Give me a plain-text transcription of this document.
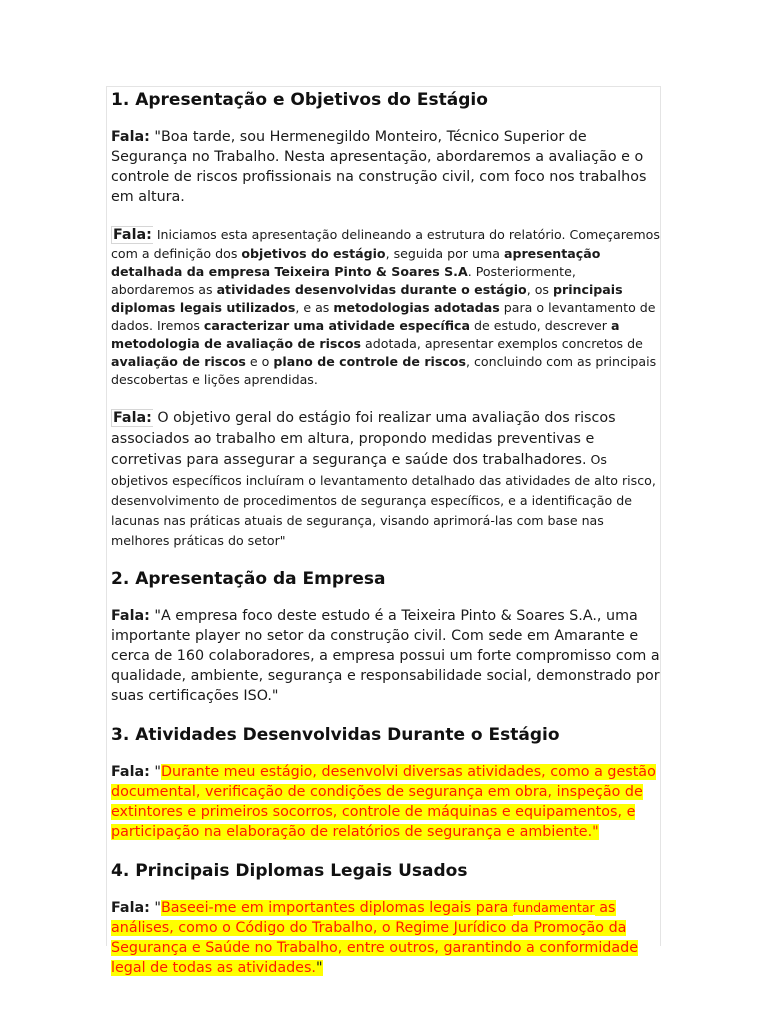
1. Apresentação e Objetivos do Estágio

Fala: "Boa tarde, sou Hermenegildo Monteiro, Técnico Superior de Segurança no Trabalho. Nesta apresentação, abordaremos a avaliação e o controle de riscos profissionais na construção civil, com foco nos trabalhos em altura.

Fala: Iniciamos esta apresentação delineando a estrutura do relatório. Começaremos com a definição dos objetivos do estágio, seguida por uma apresentação detalhada da empresa Teixeira Pinto & Soares S.A. Posteriormente, abordaremos as atividades desenvolvidas durante o estágio, os principais diplomas legais utilizados, e as metodologias adotadas para o levantamento de dados. Iremos caracterizar uma atividade específica de estudo, descrever a metodologia de avaliação de riscos adotada, apresentar exemplos concretos de avaliação de riscos e o plano de controle de riscos, concluindo com as principais descobertas e lições aprendidas.

Fala: O objetivo geral do estágio foi realizar uma avaliação dos riscos associados ao trabalho em altura, propondo medidas preventivas e corretivas para assegurar a segurança e saúde dos trabalhadores. Os objetivos específicos incluíram o levantamento detalhado das atividades de alto risco, desenvolvimento de procedimentos de segurança específicos, e a identificação de lacunas nas práticas atuais de segurança, visando aprimorá-las com base nas melhores práticas do setor"

2. Apresentação da Empresa

Fala: "A empresa foco deste estudo é a Teixeira Pinto & Soares S.A., uma importante player no setor da construção civil. Com sede em Amarante e cerca de 160 colaboradores, a empresa possui um forte compromisso com a qualidade, ambiente, segurança e responsabilidade social, demonstrado por suas certificações ISO."

3. Atividades Desenvolvidas Durante o Estágio

Fala: "Durante meu estágio, desenvolvi diversas atividades, como a gestão documental, verificação de condições de segurança em obra, inspeção de extintores e primeiros socorros, controle de máquinas e equipamentos, e participação na elaboração de relatórios de segurança e ambiente."

4. Principais Diplomas Legais Usados

Fala: "Baseei-me em importantes diplomas legais para fundamentar as análises, como o Código do Trabalho, o Regime Jurídico da Promoção da Segurança e Saúde no Trabalho, entre outros, garantindo a conformidade legal de todas as atividades."
